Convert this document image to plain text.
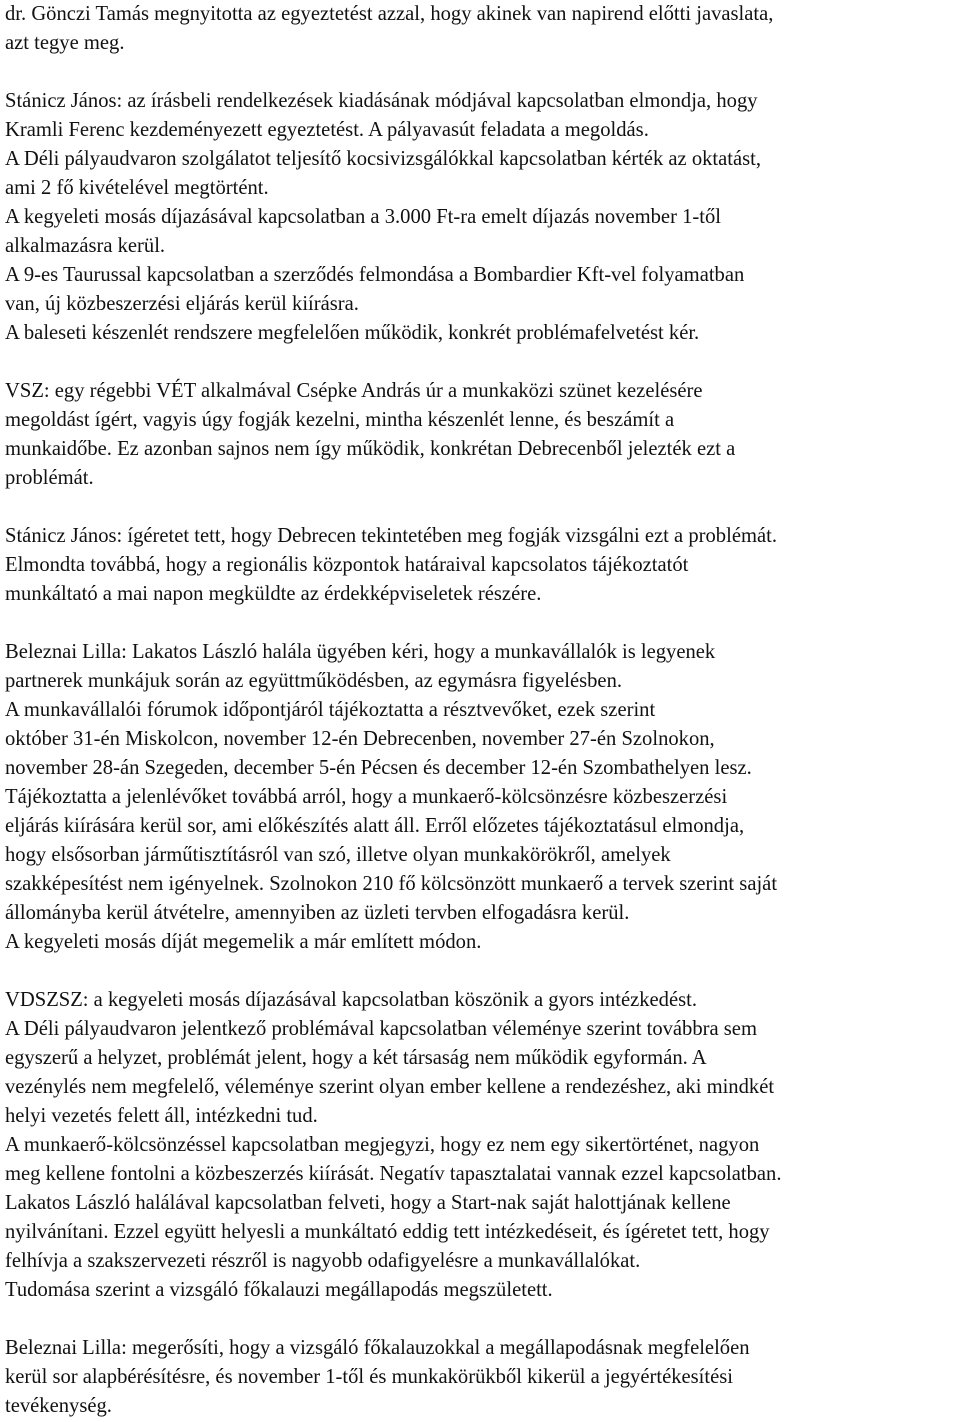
dr. Gönczi Tamás megnyitotta az egyeztetést azzal, hogy akinek van napirend előtti javaslata,
azt tegye meg.
Stánicz János: az írásbeli rendelkezések kiadásának módjával kapcsolatban elmondja, hogy
Kramli Ferenc kezdeményezett egyeztetést. A pályavasút feladata a megoldás.
A Déli pályaudvaron szolgálatot teljesítő kocsivizsgálókkal kapcsolatban kérték az oktatást,
ami 2 fő kivételével megtörtént.
A kegyeleti mosás díjazásával kapcsolatban a 3.000 Ft-ra emelt díjazás november 1-től
alkalmazásra kerül.
A 9-es Taurussal kapcsolatban a szerződés felmondása a Bombardier Kft-vel folyamatban
van, új közbeszerzési eljárás kerül kiírásra.
A baleseti készenlét rendszere megfelelően működik, konkrét problémafelvetést kér.
VSZ: egy régebbi VÉT alkalmával Csépke András úr a munkaközi szünet kezelésére
megoldást ígért, vagyis úgy fogják kezelni, mintha készenlét lenne, és beszámít a
munkaidőbe. Ez azonban sajnos nem így működik, konkrétan Debrecenből jelezték ezt a
problémát.
Stánicz János: ígéretet tett, hogy Debrecen tekintetében meg fogják vizsgálni ezt a problémát.
Elmondta továbbá, hogy a regionális központok határaival kapcsolatos tájékoztatót
munkáltató a mai napon megküldte az érdekképviseletek részére.
Beleznai Lilla: Lakatos László halála ügyében kéri, hogy a munkavállalók is legyenek
partnerek munkájuk során az együttműködésben, az egymásra figyelésben.
A munkavállalói fórumok időpontjáról tájékoztatta a résztvevőket, ezek szerint
október 31-én Miskolcon, november 12-én Debrecenben, november 27-én Szolnokon,
november 28-án Szegeden, december 5-én Pécsen és december 12-én Szombathelyen lesz.
Tájékoztatta a jelenlévőket továbbá arról, hogy a munkaerő-kölcsönzésre közbeszerzési
eljárás kiírására kerül sor, ami előkészítés alatt áll. Erről előzetes tájékoztatásul elmondja,
hogy elsősorban járműtisztításról van szó, illetve olyan munkakörökről, amelyek
szakképesítést nem igényelnek. Szolnokon 210 fő kölcsönzött munkaerő a tervek szerint saját
állományba kerül átvételre, amennyiben az üzleti tervben elfogadásra kerül.
A kegyeleti mosás díját megemelik a már említett módon.
VDSZSZ: a kegyeleti mosás díjazásával kapcsolatban köszönik a gyors intézkedést.
A Déli pályaudvaron jelentkező problémával kapcsolatban véleménye szerint továbbra sem
egyszerű a helyzet, problémát jelent, hogy a két társaság nem működik egyformán. A
vezénylés nem megfelelő, véleménye szerint olyan ember kellene a rendezéshez, aki mindkét
helyi vezetés felett áll, intézkedni tud.
A munkaerő-kölcsönzéssel kapcsolatban megjegyzi, hogy ez nem egy sikertörténet, nagyon
meg kellene fontolni a közbeszerzés kiírását. Negatív tapasztalatai vannak ezzel kapcsolatban.
Lakatos László halálával kapcsolatban felveti, hogy a Start-nak saját halottjának kellene
nyilvánítani. Ezzel együtt helyesli a munkáltató eddig tett intézkedéseit, és ígéretet tett, hogy
felhívja a szakszervezeti részről is nagyobb odafigyelésre a munkavállalókat.
Tudomása szerint a vizsgáló főkalauzi megállapodás megszületett.
Beleznai Lilla: megerősíti, hogy a vizsgáló főkalauzokkal a megállapodásnak megfelelően
kerül sor alapbérésítésre, és november 1-től és munkakörükből kikerül a jegyértékesítési
tevékenység.
